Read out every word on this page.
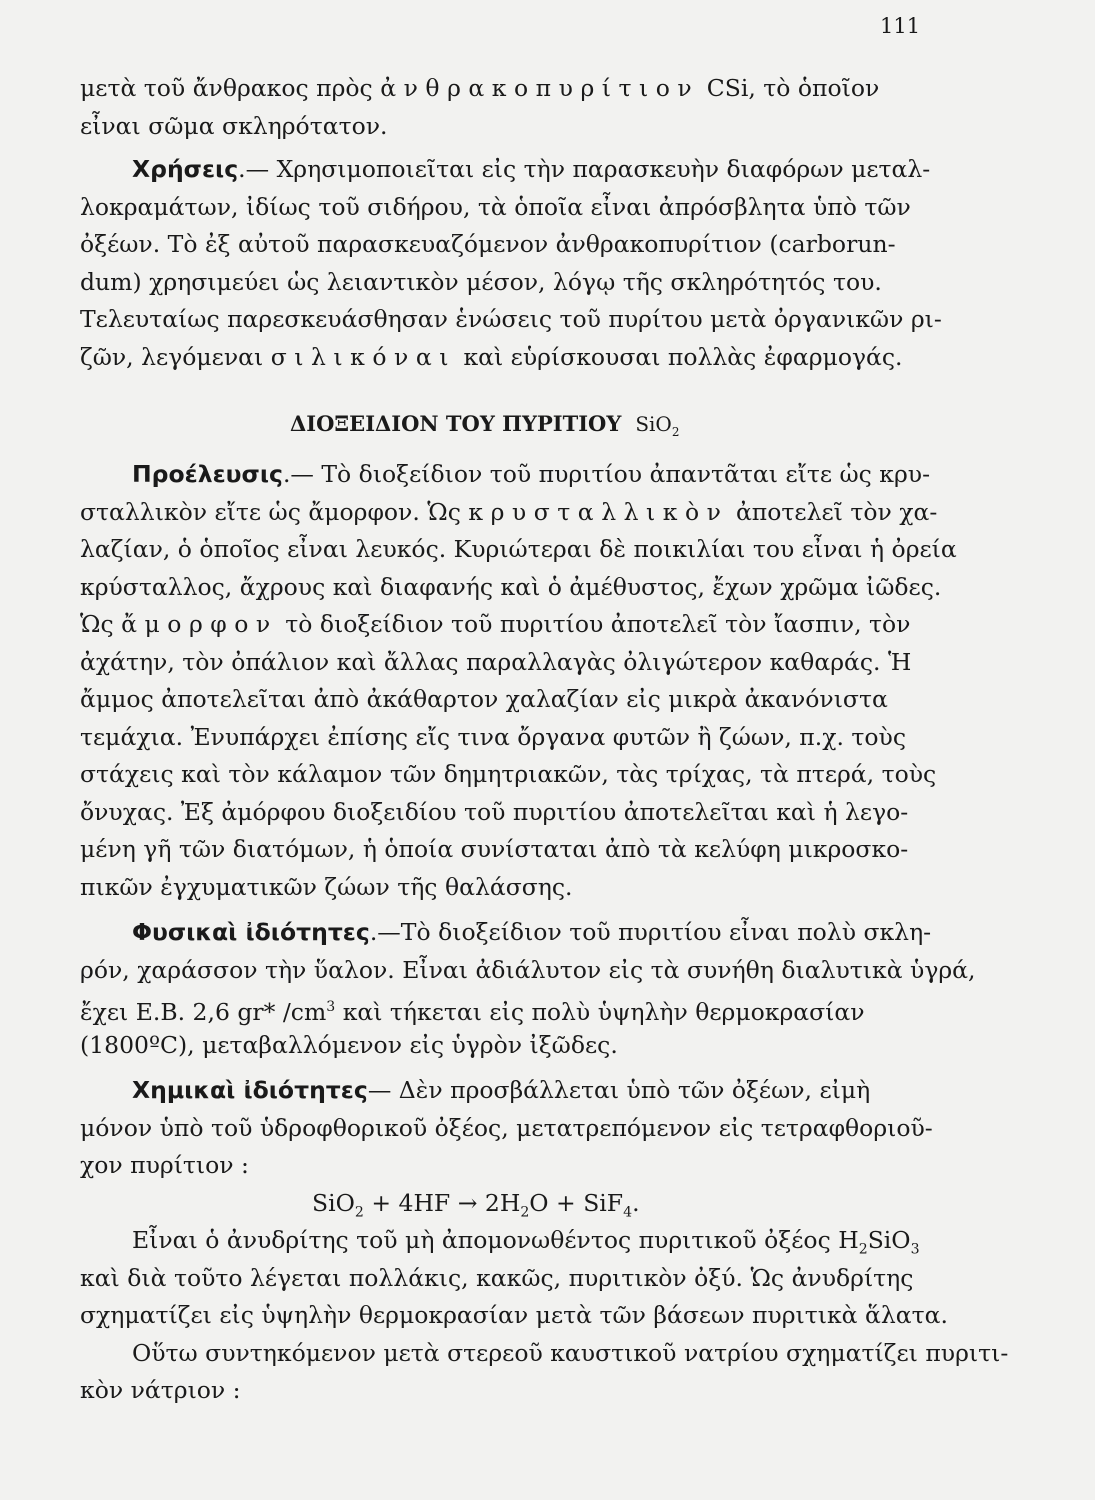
111
μετὰ τοῦ ἄνθρακος πρὸς ἀνθρακοπυρίτιον CSi, τὸ ὁποῖον
εἶναι σῶμα σκληρότατον.
Χρήσεις.— Χρησιμοποιεῖται εἰς τὴν παρασκευὴν διαφόρων μεταλ-
λοκραμάτων, ἰδίως τοῦ σιδήρου, τὰ ὁποῖα εἶναι ἀπρόσβλητα ὑπὸ τῶν
ὀξέων. Τὸ ἐξ αὐτοῦ παρασκευαζόμενον ἀνθρακοπυρίτιον (carborun-
dum) χρησιμεύει ὡς λειαντικὸν μέσον, λόγῳ τῆς σκληρότητός του.
Τελευταίως παρεσκευάσθησαν ἑνώσεις τοῦ πυρίτου μετὰ ὀργανικῶν ρι-
ζῶν, λεγόμεναι σιλικόναι καὶ εὑρίσκουσαι πολλὰς ἐφαρμογάς.
ΔΙΟΞΕΙΔΙΟΝ ΤΟΥ ΠΥΡΙΤΙΟΥ SiO$_2$
Προέλευσις.— Τὸ διοξείδιον τοῦ πυριτίου ἀπαντᾶται εἴτε ὡς κρυ-
σταλλικὸν εἴτε ὡς ἄμορφον. Ὡς κρυσταλλικὸν ἀποτελεῖ τὸν χα-
λαζίαν, ὁ ὁποῖος εἶναι λευκός. Κυριώτεραι δὲ ποικιλίαι του εἶναι ἡ ὀρεία
κρύσταλλος, ἄχρους καὶ διαφανής καὶ ὁ ἀμέθυστος, ἔχων χρῶμα ἰῶδες.
Ὡς ἄμορφον τὸ διοξείδιον τοῦ πυριτίου ἀποτελεῖ τὸν ἴασπιν, τὸν
ἀχάτην, τὸν ὀπάλιον καὶ ἄλλας παραλλαγὰς ὀλιγώτερον καθαράς. Ἡ
ἄμμος ἀποτελεῖται ἀπὸ ἀκάθαρτον χαλαζίαν εἰς μικρὰ ἀκανόνιστα
τεμάχια. Ἐνυπάρχει ἐπίσης εἴς τινα ὄργανα φυτῶν ἢ ζώων, π.χ. τοὺς
στάχεις καὶ τὸν κάλαμον τῶν δημητριακῶν, τὰς τρίχας, τὰ πτερά, τοὺς
ὄνυχας. Ἐξ ἀμόρφου διοξειδίου τοῦ πυριτίου ἀποτελεῖται καὶ ἡ λεγο-
μένη γῆ τῶν διατόμων, ἡ ὁποία συνίσταται ἀπὸ τὰ κελύφη μικροσκο-
πικῶν ἐγχυματικῶν ζώων τῆς θαλάσσης.
Φυσικαὶ ἰδιότητες.—Τὸ διοξείδιον τοῦ πυριτίου εἶναι πολὺ σκλη-
ρόν, χαράσσον τὴν ὕαλον. Εἶναι ἀδιάλυτον εἰς τὰ συνήθη διαλυτικὰ ὑγρά,
ἔχει Ε.Β. 2,6 gr* $/cm^3$ καὶ τήκεται εἰς πολὺ ὑψηλὴν θερμοκρασίαν
(1800ºC), μεταβαλλόμενον εἰς ὑγρὸν ἰξῶδες.
Χημικαὶ ἰδιότητες— Δὲν προσβάλλεται ὑπὸ τῶν ὀξέων, εἰμὴ
μόνον ὑπὸ τοῦ ὑδροφθορικοῦ ὀξέος, μετατρεπόμενον εἰς τετραφθοριοῦ-
χον πυρίτιον :
$SiO_2 + 4HF \to 2H_2O + SiF_4$.
Εἶναι ὁ ἀνυδρίτης τοῦ μὴ ἀπομονωθέντος πυριτικοῦ ὀξέος $H_2SiO_3$
καὶ διὰ τοῦτο λέγεται πολλάκις, κακῶς, πυριτικὸν ὀξύ. Ὡς ἀνυδρίτης
σχηματίζει εἰς ὑψηλὴν θερμοκρασίαν μετὰ τῶν βάσεων πυριτικὰ ἅλατα.
Οὕτω συντηκόμενον μετὰ στερεοῦ καυστικοῦ νατρίου σχηματίζει πυριτι-
κὸν νάτριον :
